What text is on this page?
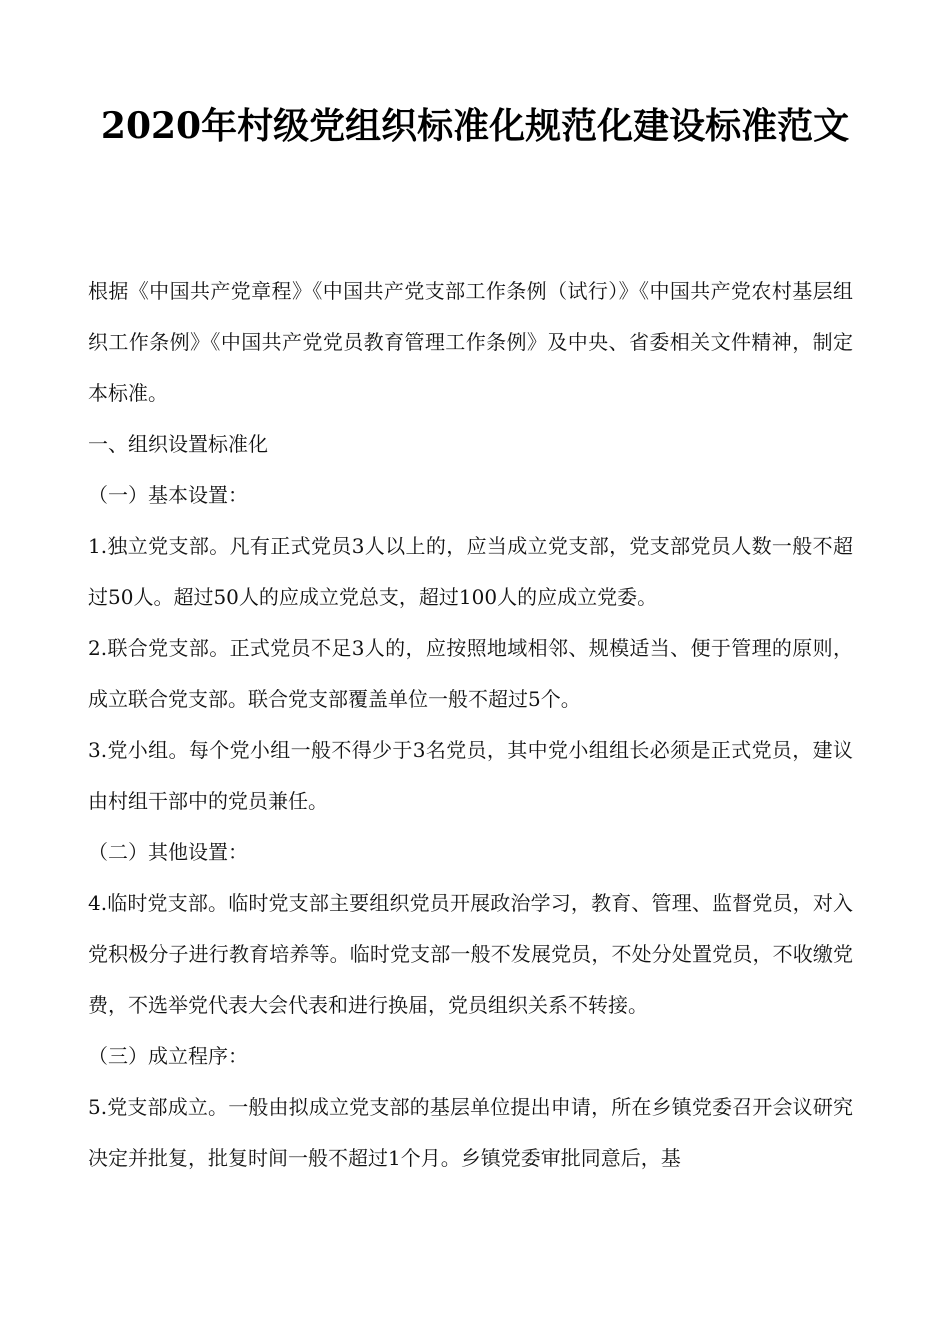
2020年村级党组织标准化规范化建设标准范文

根据《中国共产党章程》《中国共产党支部工作条例（试行）》《中国共产党农村基层组织工作条例》《中国共产党党员教育管理工作条例》及中央、省委相关文件精神，制定本标准。

一、组织设置标准化

（一）基本设置：

1.独立党支部。凡有正式党员3人以上的，应当成立党支部，党支部党员人数一般不超过50人。超过50人的应成立党总支，超过100人的应成立党委。

2.联合党支部。正式党员不足3人的，应按照地域相邻、规模适当、便于管理的原则，成立联合党支部。联合党支部覆盖单位一般不超过5个。

3.党小组。每个党小组一般不得少于3名党员，其中党小组组长必须是正式党员，建议由村组干部中的党员兼任。

（二）其他设置：

4.临时党支部。临时党支部主要组织党员开展政治学习，教育、管理、监督党员，对入党积极分子进行教育培养等。临时党支部一般不发展党员，不处分处置党员，不收缴党费，不选举党代表大会代表和进行换届，党员组织关系不转接。

（三）成立程序：

5.党支部成立。一般由拟成立党支部的基层单位提出申请，所在乡镇党委召开会议研究决定并批复，批复时间一般不超过1个月。乡镇党委审批同意后，基
